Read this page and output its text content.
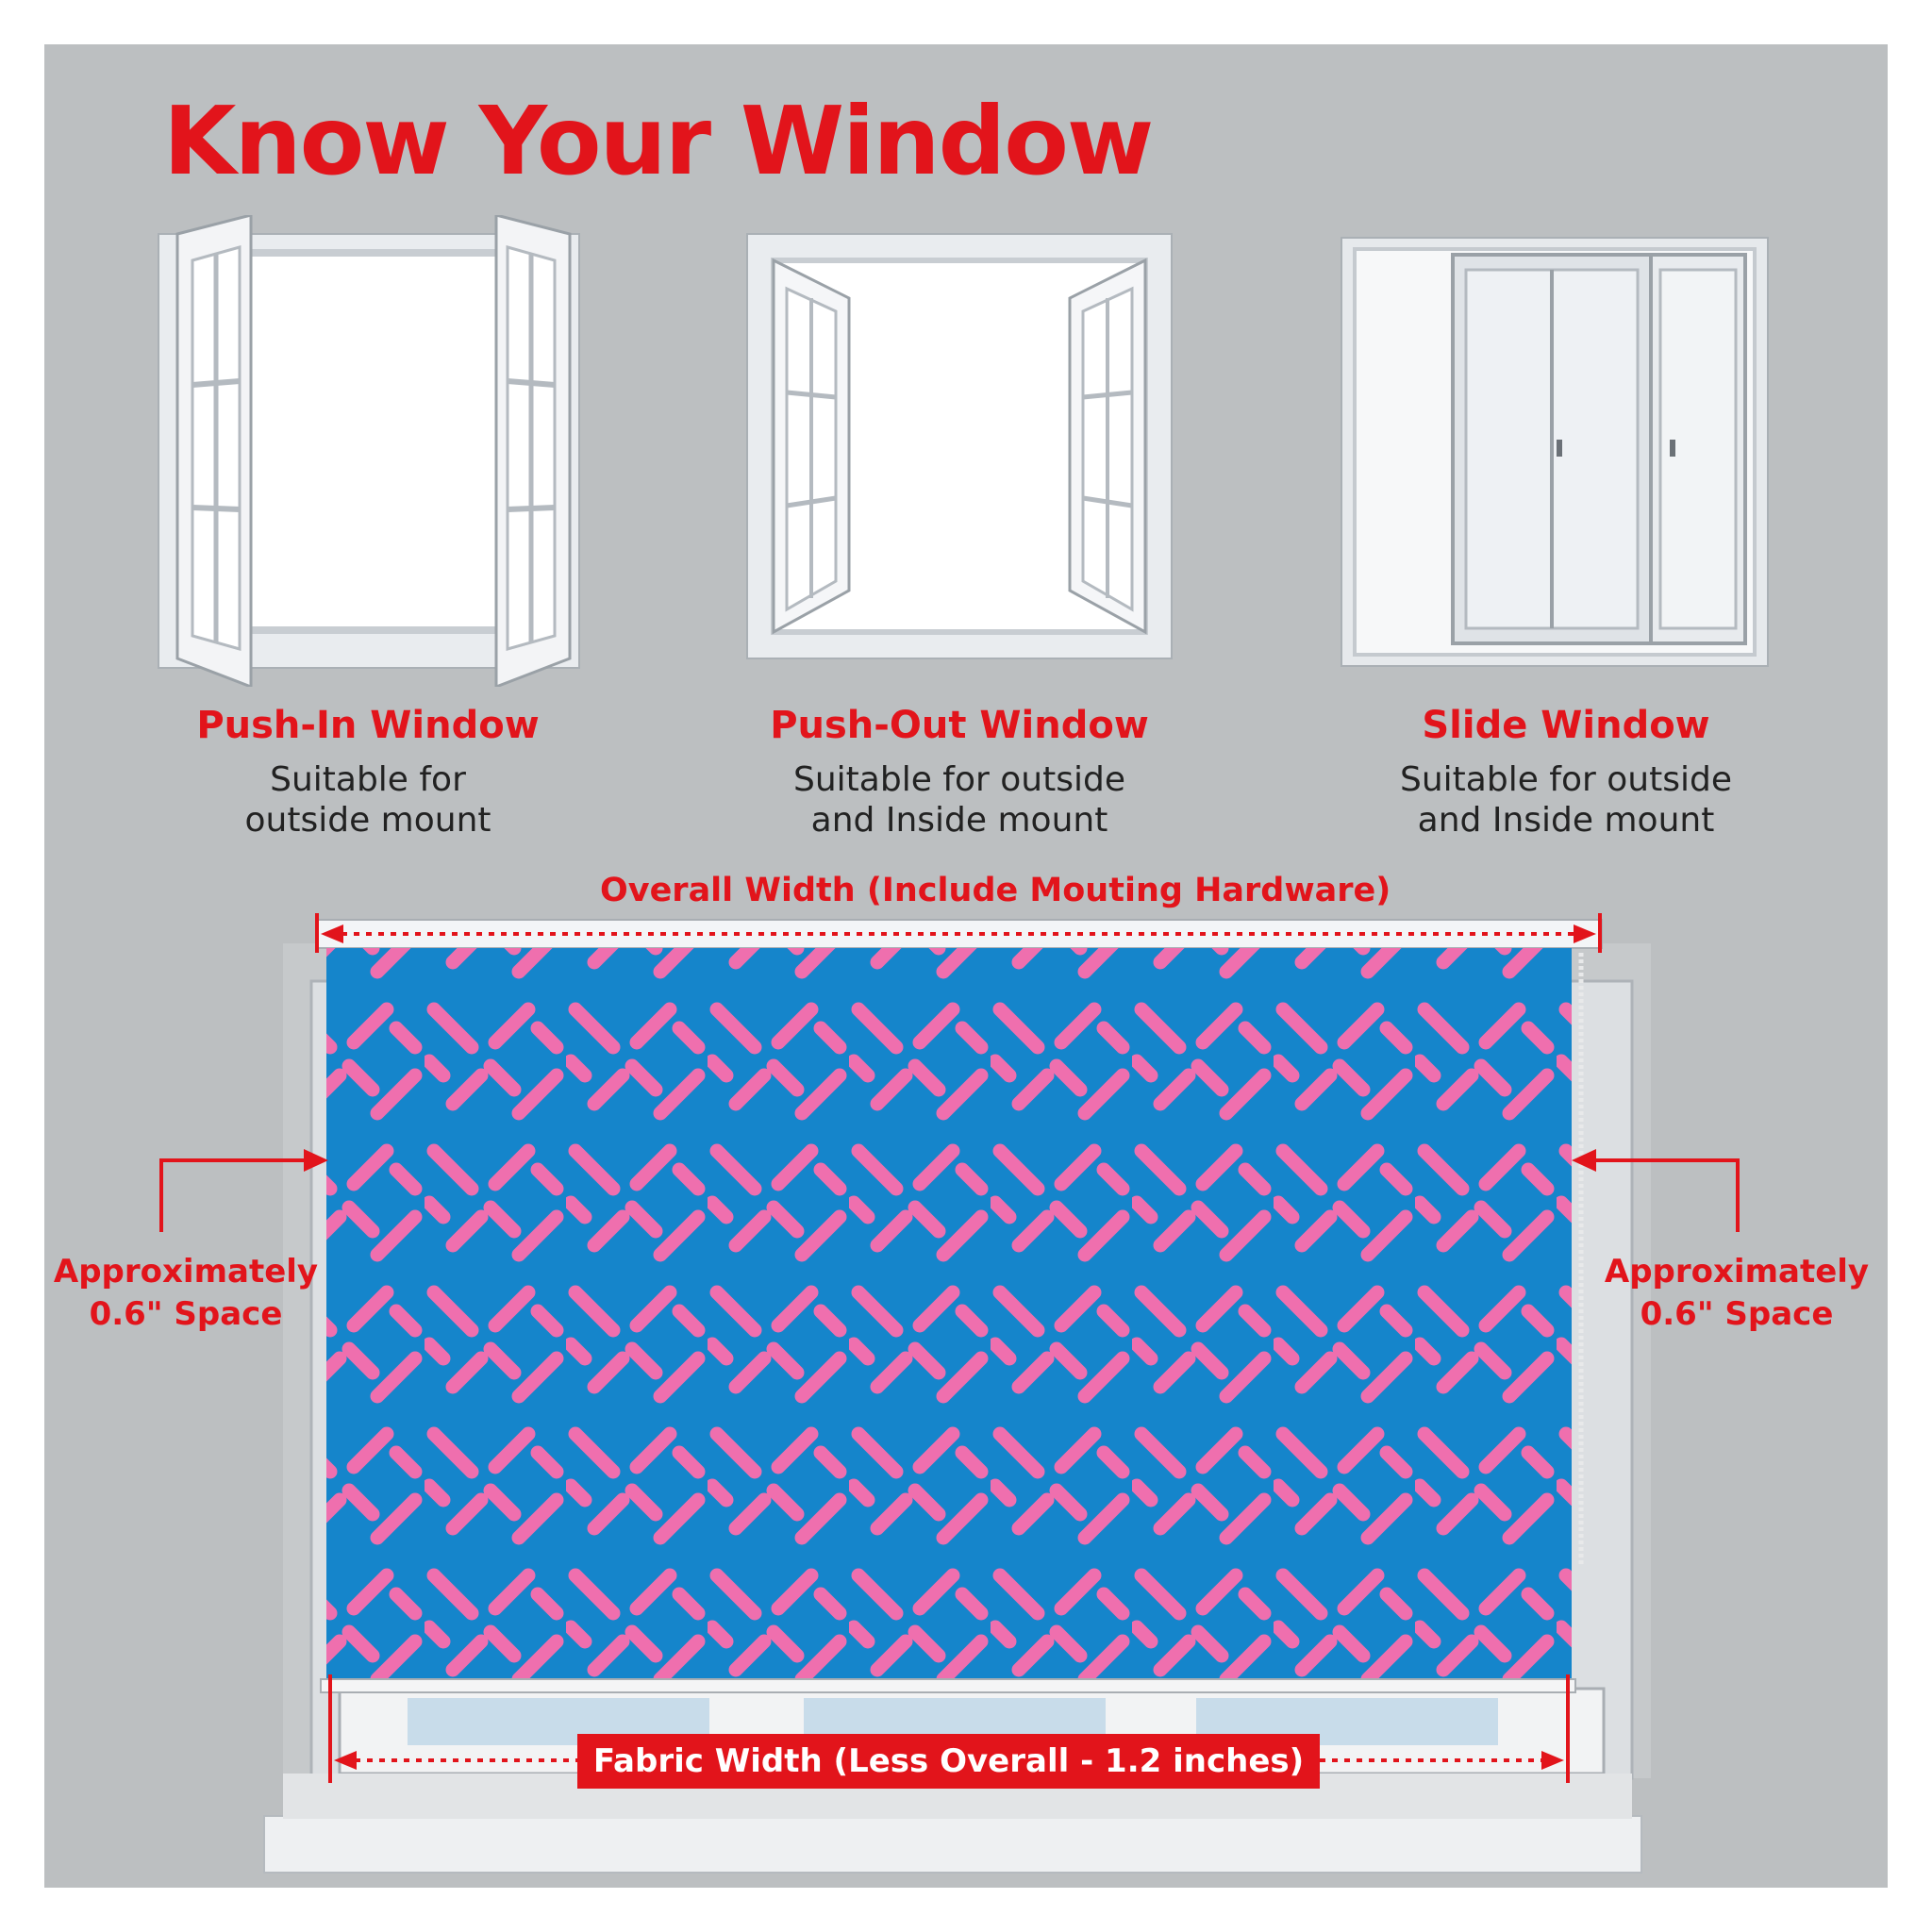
Know Your Window
Push-In Window
Suitable for outside mount
Push-Out Window
Suitable for outside and Inside mount
Slide Window
Suitable for outside and Inside mount
Overall Width (Include Mouting Hardware)
Approximately 0.6" Space
Approximately 0.6" Space
Fabric Width (Less Overall - 1.2 inches)
